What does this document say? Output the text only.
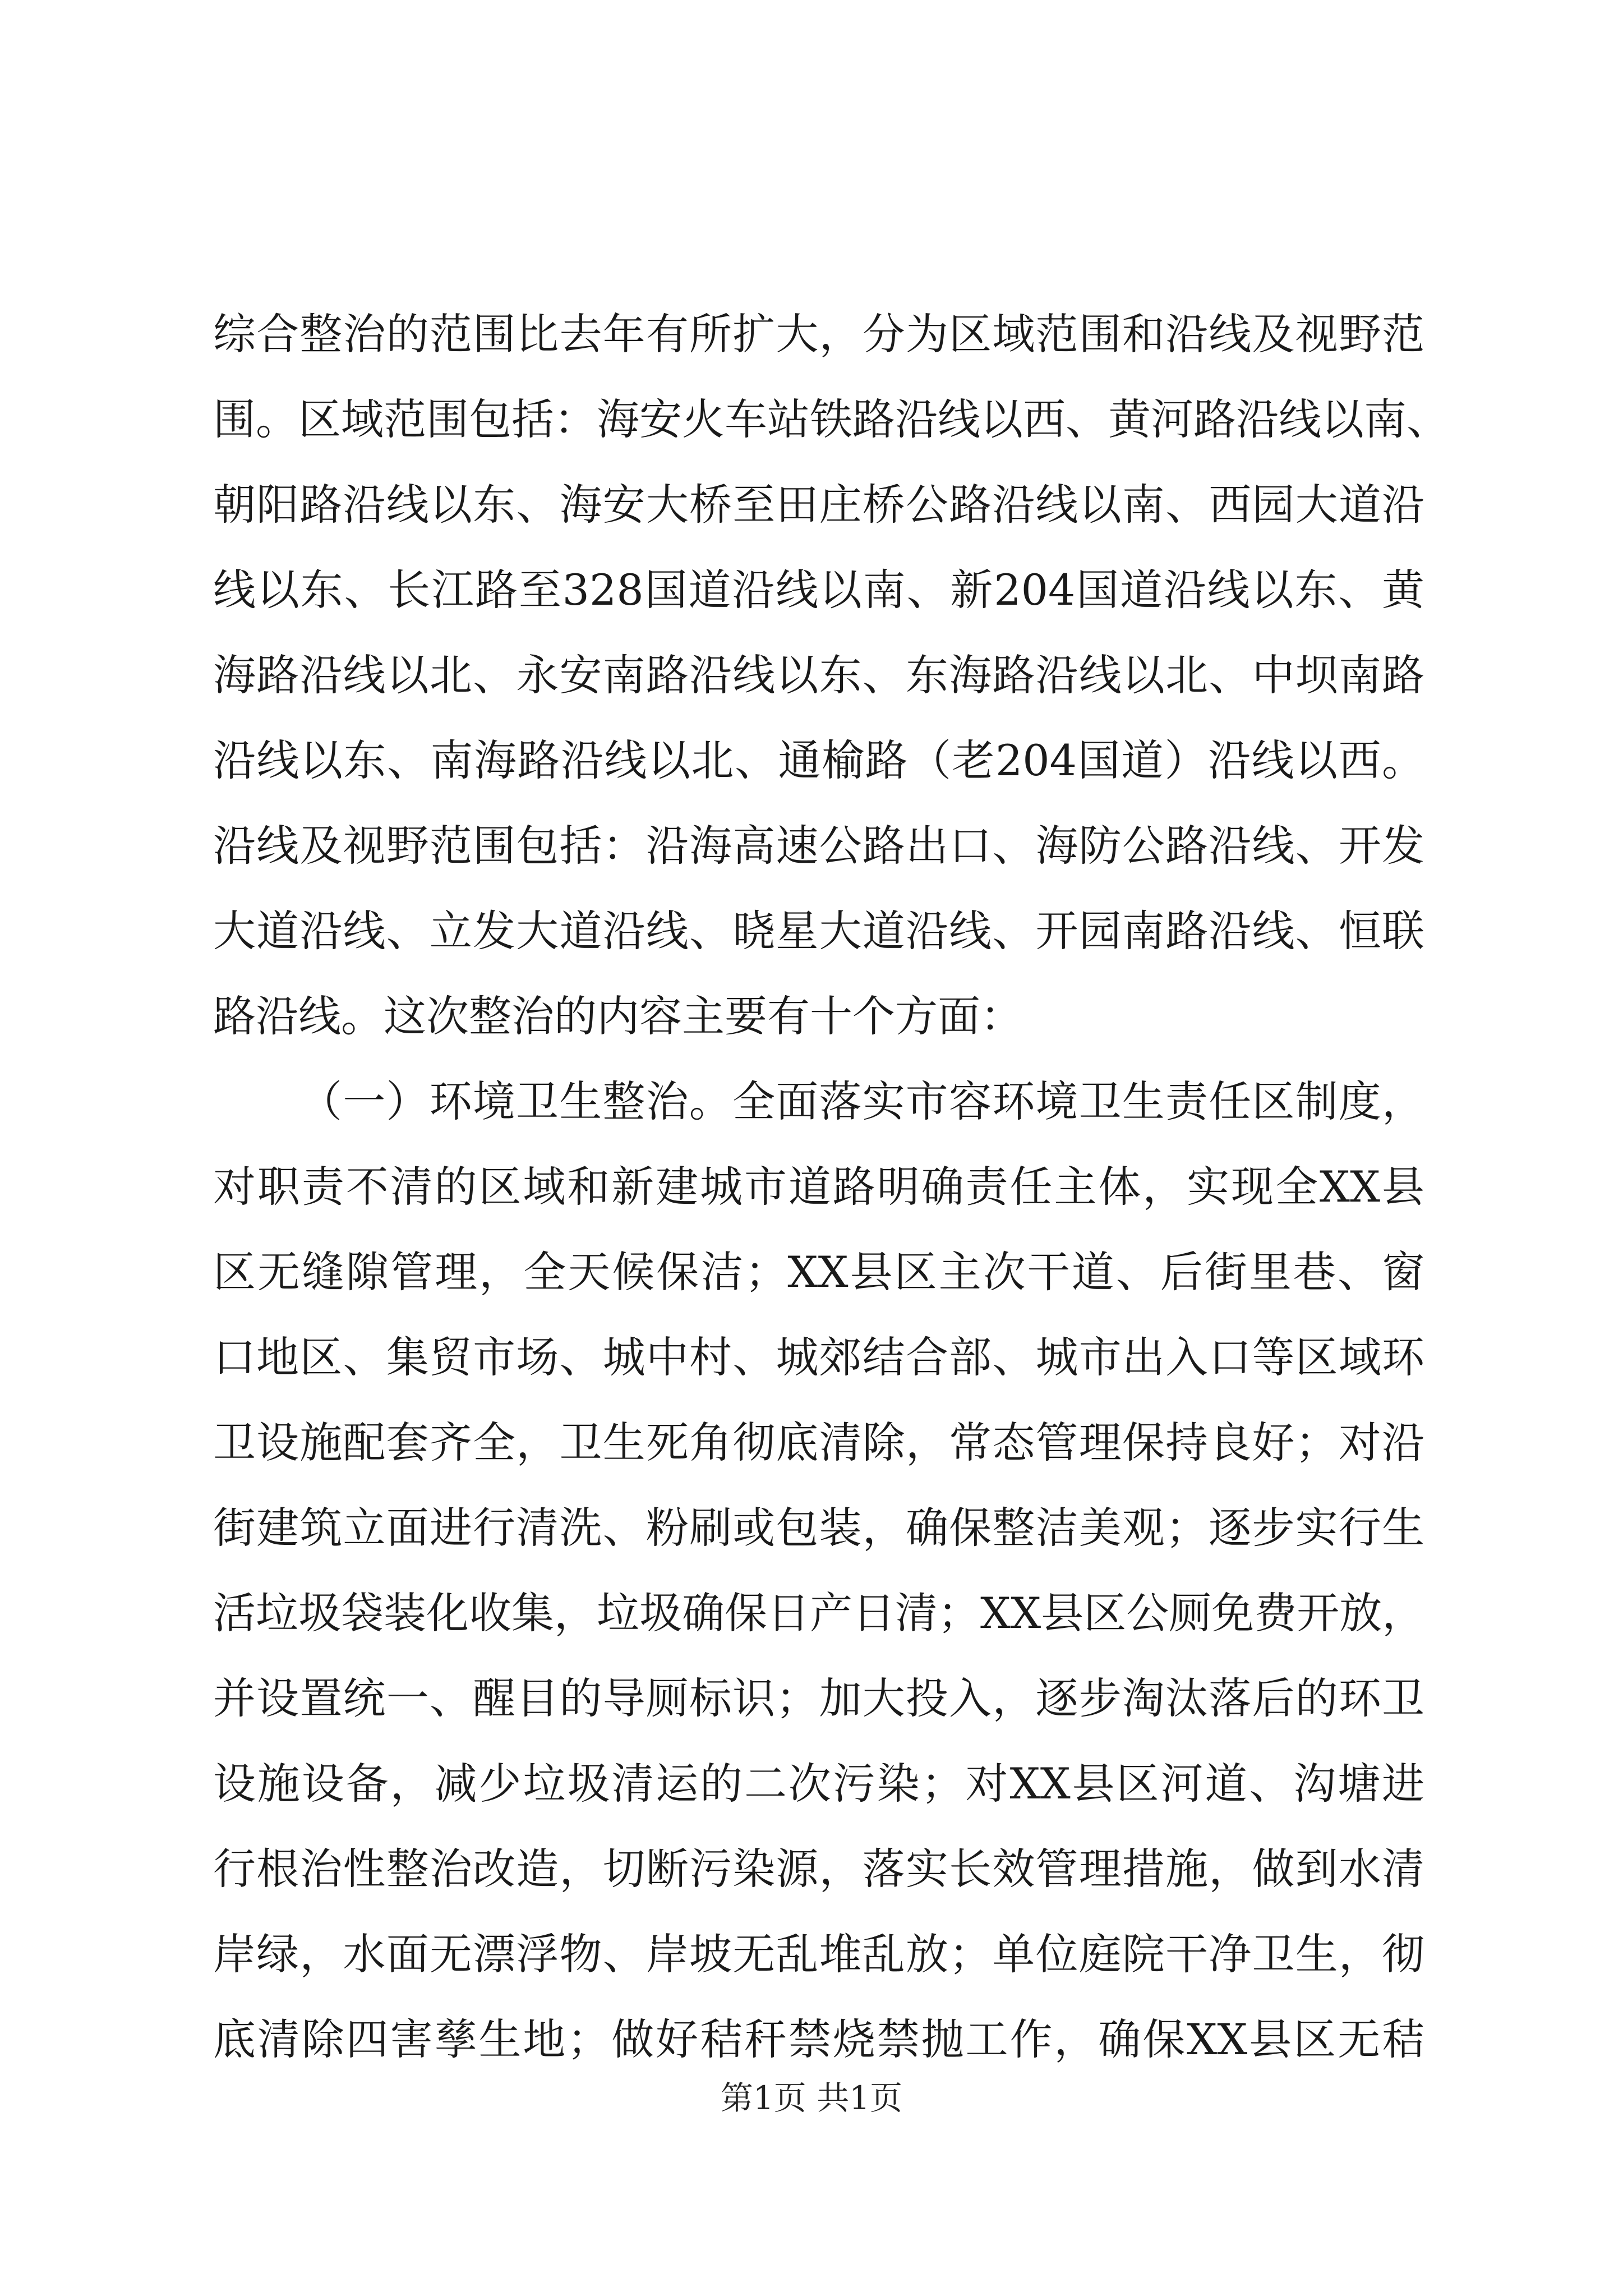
综合整治的范围比去年有所扩大，分为区域范围和沿线及视野范
围。区域范围包括：海安火车站铁路沿线以西、黄河路沿线以南、
朝阳路沿线以东、海安大桥至田庄桥公路沿线以南、西园大道沿
线以东、长江路至328国道沿线以南、新204国道沿线以东、黄
海路沿线以北、永安南路沿线以东、东海路沿线以北、中坝南路
沿线以东、南海路沿线以北、通榆路（老204国道）沿线以西。
沿线及视野范围包括：沿海高速公路出口、海防公路沿线、开发
大道沿线、立发大道沿线、晓星大道沿线、开园南路沿线、恒联
路沿线。这次整治的内容主要有十个方面：
（一）环境卫生整治。全面落实市容环境卫生责任区制度，
对职责不清的区域和新建城市道路明确责任主体，实现全XX县
区无缝隙管理，全天候保洁；XX县区主次干道、后街里巷、窗
口地区、集贸市场、城中村、城郊结合部、城市出入口等区域环
卫设施配套齐全，卫生死角彻底清除，常态管理保持良好；对沿
街建筑立面进行清洗、粉刷或包装，确保整洁美观；逐步实行生
活垃圾袋装化收集，垃圾确保日产日清；XX县区公厕免费开放，
并设置统一、醒目的导厕标识；加大投入，逐步淘汰落后的环卫
设施设备，减少垃圾清运的二次污染；对XX县区河道、沟塘进
行根治性整治改造，切断污染源，落实长效管理措施，做到水清
岸绿，水面无漂浮物、岸坡无乱堆乱放；单位庭院干净卫生，彻
底清除四害孳生地；做好秸秆禁烧禁抛工作，确保XX县区无秸
第1页 共1页
